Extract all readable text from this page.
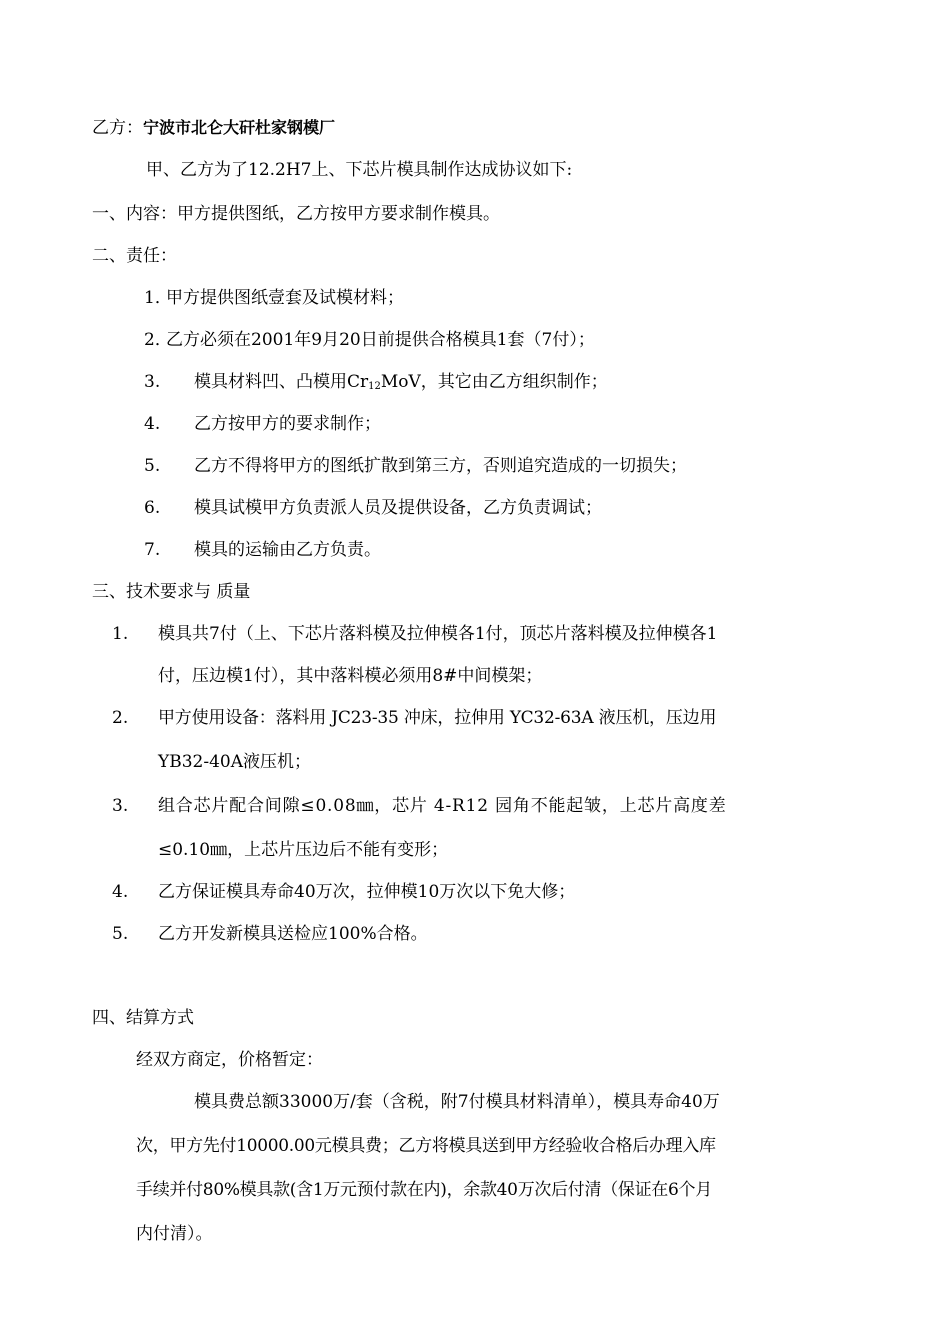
乙方：宁波市北仑大矸杜家钢模厂
甲、乙方为了12.2H7上、下芯片模具制作达成协议如下:
一、内容：甲方提供图纸，乙方按甲方要求制作模具。
二、责任：
1．
甲方提供图纸壹套及试模材料；
2．
乙方必须在2001年9月20日前提供合格模具1套（7付）；
3. 模具材料凹、凸模用$Cr_{12}MoV$，其它由乙方组织制作；
4. 乙方按甲方的要求制作；
5. 乙方不得将甲方的图纸扩散到第三方，否则追究造成的一切损失；
6. 模具试模甲方负责派人员及提供设备，乙方负责调试；
7. 模具的运输由乙方负责。
三、技术要求与 质量
1. 模具共7付（上、下芯片落料模及拉伸模各1付，顶芯片落料模及拉伸模各1
付，压边模1付），其中落料模必须用8#中间模架；
2. 甲方使用设备：落料用 JC23-35 冲床，拉伸用 YC32-63A 液压机，压边用
YB32-40A液压机；
3. 组合芯片配合间隙≤0.08㎜，芯片 4-R12 园角不能起皱，上芯片高度差
≤0.10㎜，上芯片压边后不能有变形；
4. 乙方保证模具寿命40万次，拉伸模10万次以下免大修；
5. 乙方开发新模具送检应100%合格。
四、结算方式
经双方商定，价格暂定：
模具费总额33000万/套（含税，附7付模具材料清单），模具寿命40万
次，甲方先付10000.00元模具费；乙方将模具送到甲方经验收合格后办理入库
手续并付80%模具款(含1万元预付款在内)，余款40万次后付清（保证在6个月
内付清）。
